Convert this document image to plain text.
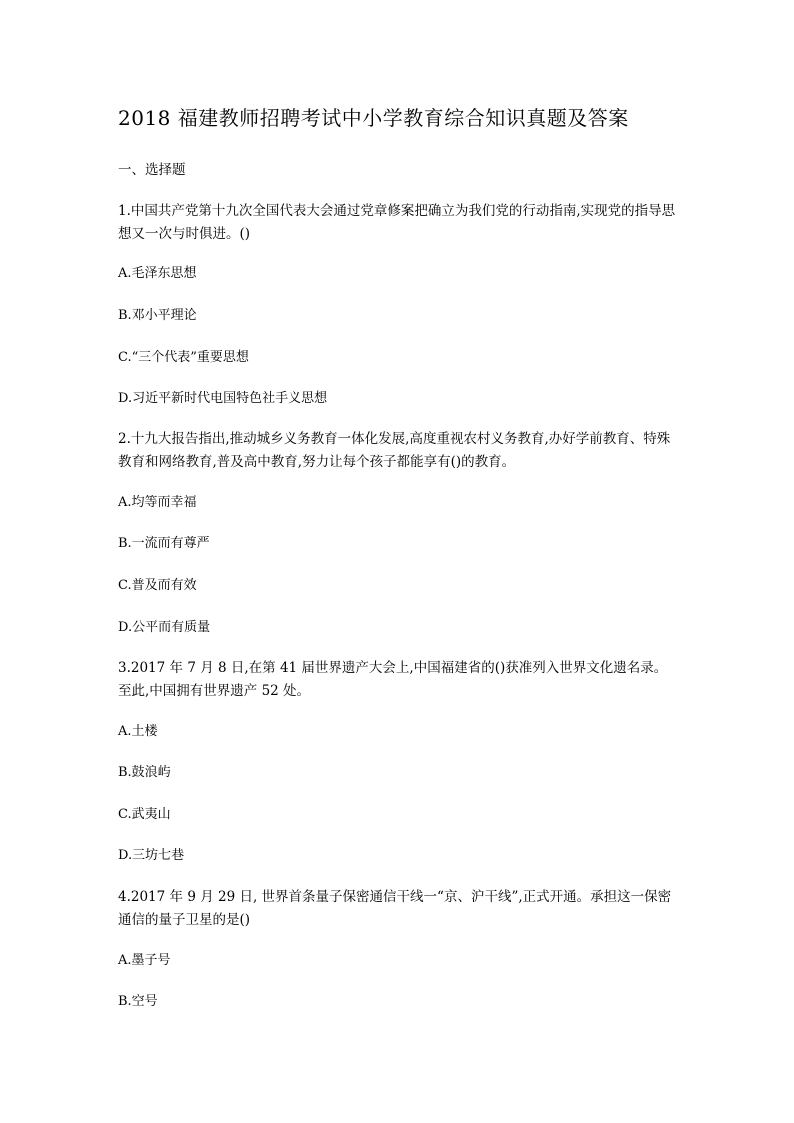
2018 福建教师招聘考试中小学教育综合知识真题及答案
一、选择题
1.中国共产党第十九次全国代表大会通过党章修案把确立为我们党的行动指南,实现党的指导思想又一次与时俱进。()
A.毛泽东思想
B.邓小平理论
C.“三个代表”重要思想
D.习近平新时代电国特色社手义思想
2.十九大报告指出,推动城乡义务教育一体化发展,高度重视农村义务教育,办好学前教育、特殊教育和网络教育,普及高中教育,努力让每个孩子都能享有()的教育。
A.均等而幸福
B.一流而有尊严
C.普及而有效
D.公平而有质量
3.2017 年 7 月 8 日,在第 41 届世界遗产大会上,中国福建省的()获准列入世界文化遗名录。至此,中国拥有世界遗产 52 处。
A.土楼
B.鼓浪屿
C.武夷山
D.三坊七巷
4.2017 年 9 月 29 日, 世界首条量子保密通信干线一“京、沪干线”,正式开通。承担这一保密通信的量子卫星的是()
A.墨子号
B.空号
